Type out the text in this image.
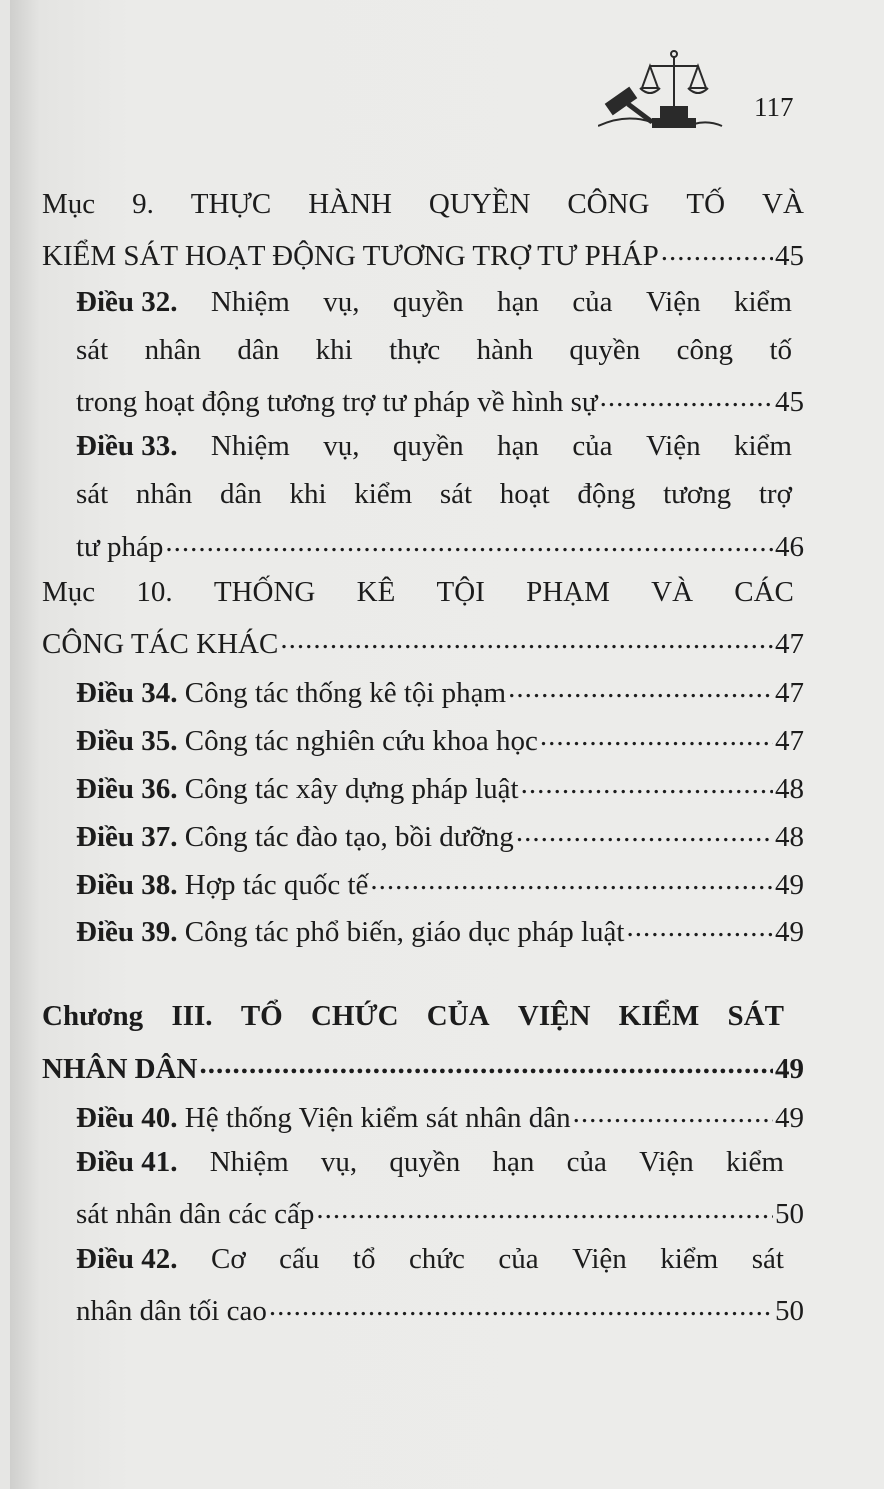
117
Mục 9. THỰC HÀNH QUYỀN CÔNG TỐ VÀ
KIỂM SÁT HOẠT ĐỘNG TƯƠNG TRỢ TƯ PHÁP .....	45
Điều 32. Nhiệm vụ, quyền hạn của Viện kiểm
sát nhân dân khi thực hành quyền công tố
trong hoạt động tương trợ tư pháp về hình sự .....	45
Điều 33. Nhiệm vụ, quyền hạn của Viện kiểm
sát nhân dân khi kiểm sát hoạt động tương trợ
tư pháp .....	46
Mục 10. THỐNG KÊ TỘI PHẠM VÀ CÁC
CÔNG TÁC KHÁC .....	47
Điều 34. Công tác thống kê tội phạm .....	47
Điều 35. Công tác nghiên cứu khoa học .....	47
Điều 36. Công tác xây dựng pháp luật .....	48
Điều 37. Công tác đào tạo, bồi dưỡng .....	48
Điều 38. Hợp tác quốc tế .....	49
Điều 39. Công tác phổ biến, giáo dục pháp luật .....	49
Chương III. TỔ CHỨC CỦA VIỆN KIỂM SÁT
NHÂN DÂN .....	49
Điều 40. Hệ thống Viện kiểm sát nhân dân .....	49
Điều 41. Nhiệm vụ, quyền hạn của Viện kiểm
sát nhân dân các cấp .....	50
Điều 42. Cơ cấu tổ chức của Viện kiểm sát
nhân dân tối cao .....	50
